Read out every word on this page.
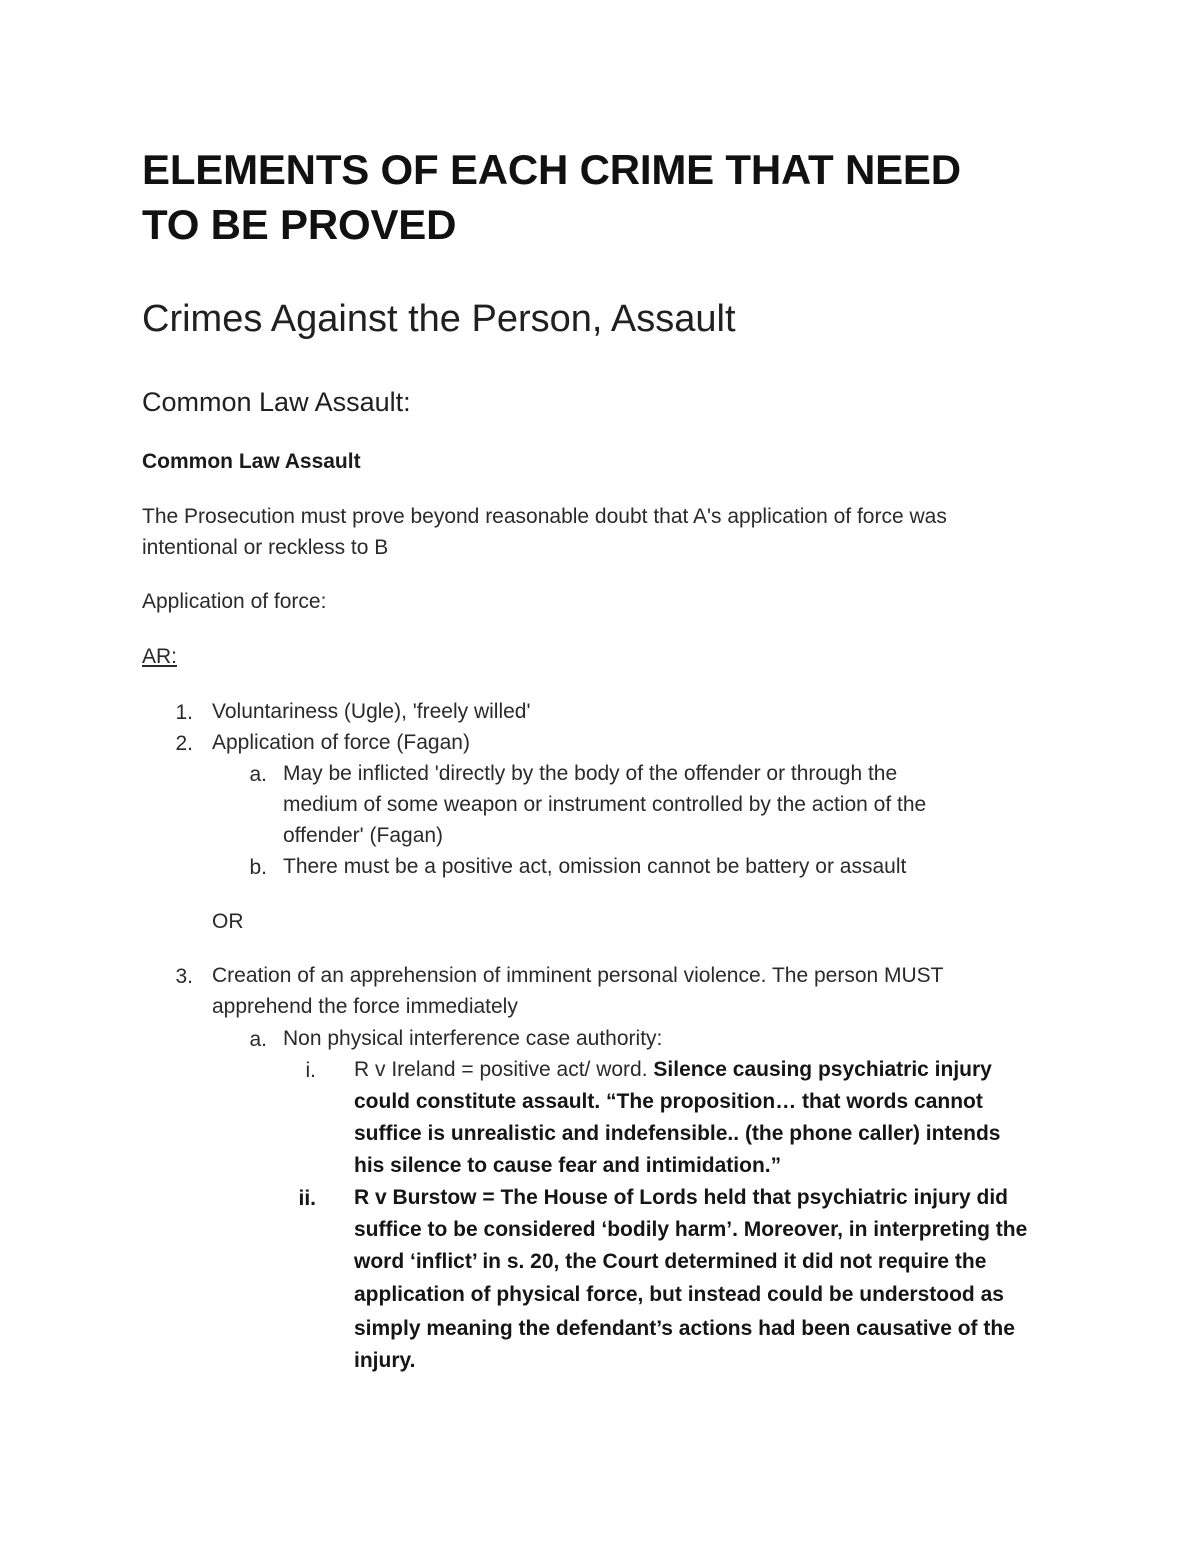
ELEMENTS OF EACH CRIME THAT NEED
TO BE PROVED
Crimes Against the Person, Assault
Common Law Assault:
Common Law Assault
The Prosecution must prove beyond reasonable doubt that A's application of force was
intentional or reckless to B
Application of force:
AR:
1. Voluntariness (Ugle), 'freely willed'
2. Application of force (Fagan)
a. May be inflicted 'directly by the body of the offender or through the
medium of some weapon or instrument controlled by the action of the
offender' (Fagan)
b. There must be a positive act, omission cannot be battery or assault
OR
3. Creation of an apprehension of imminent personal violence. The person MUST
apprehend the force immediately
a. Non physical interference case authority:
i. R v Ireland = positive act/ word. Silence causing psychiatric injury
could constitute assault. “The proposition… that words cannot
suffice is unrealistic and indefensible.. (the phone caller) intends
his silence to cause fear and intimidation.”
ii. R v Burstow = The House of Lords held that psychiatric injury did
suffice to be considered ‘bodily harm’. Moreover, in interpreting the
word ‘inflict’ in s. 20, the Court determined it did not require the
application of physical force, but instead could be understood as
simply meaning the defendant’s actions had been causative of the
injury.
